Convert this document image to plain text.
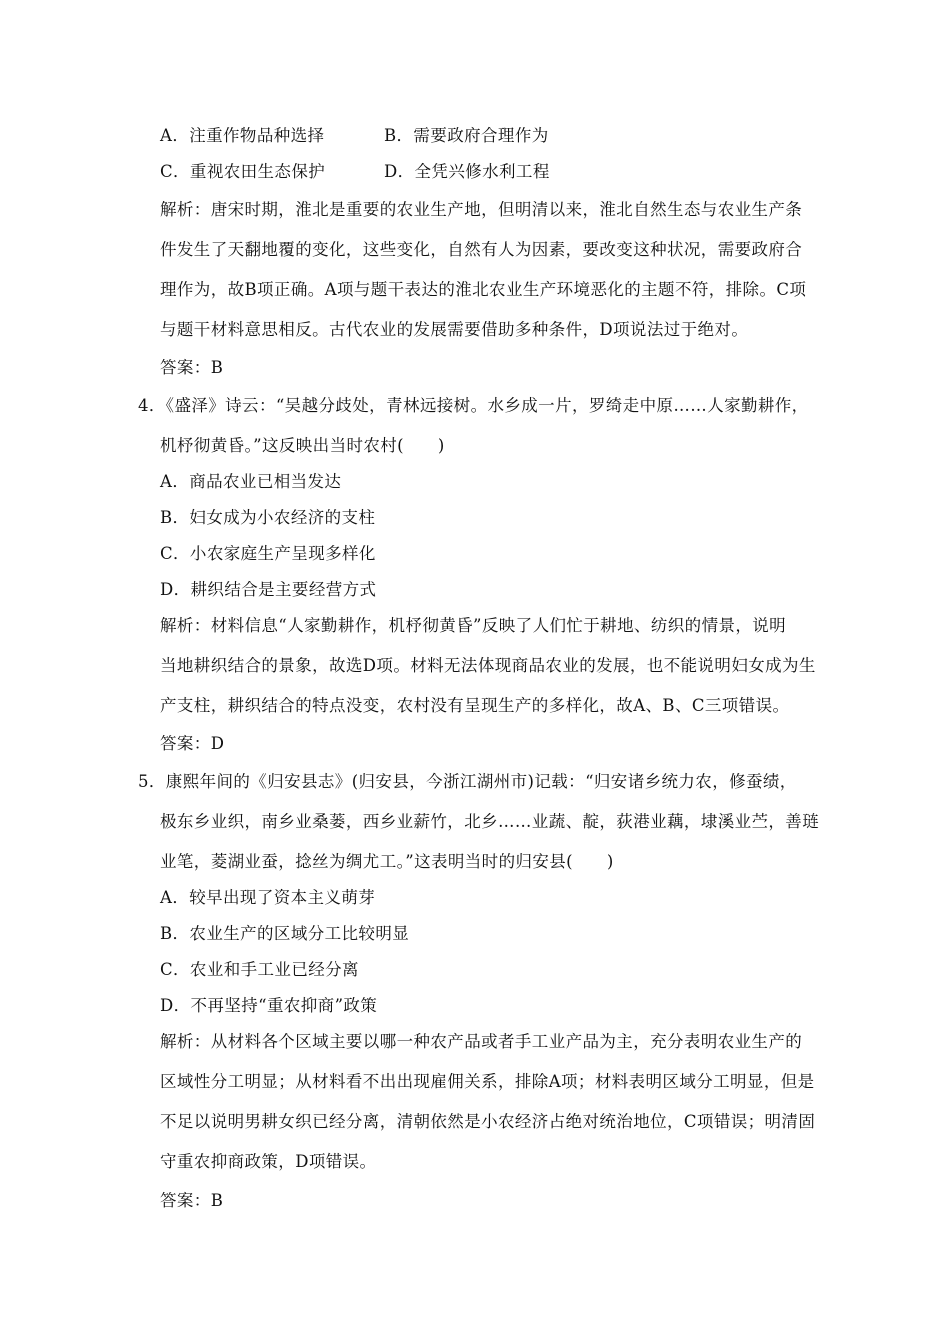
A．注重作物品种选择	B．需要政府合理作为
C．重视农田生态保护	D．全凭兴修水利工程
解析：唐宋时期，淮北是重要的农业生产地，但明清以来，淮北自然生态与农业生产条
件发生了天翻地覆的变化，这些变化，自然有人为因素，要改变这种状况，需要政府合
理作为，故B项正确。A项与题干表达的淮北农业生产环境恶化的主题不符，排除。C项
与题干材料意思相反。古代农业的发展需要借助多种条件，D项说法过于绝对。
答案：B
4．《盛泽》诗云：“吴越分歧处，青林远接树。水乡成一片，罗绮走中原……人家勤耕作，
机杼彻黄昏。”这反映出当时农村(　　)
A．商品农业已相当发达
B．妇女成为小农经济的支柱
C．小农家庭生产呈现多样化
D．耕织结合是主要经营方式
解析：材料信息“人家勤耕作，机杼彻黄昏”反映了人们忙于耕地、纺织的情景，说明
当地耕织结合的景象，故选D项。材料无法体现商品农业的发展，也不能说明妇女成为生
产支柱，耕织结合的特点没变，农村没有呈现生产的多样化，故A、B、C三项错误。
答案：D
5．康熙年间的《归安县志》(归安县，今浙江湖州市)记载：“归安诸乡统力农，修蚕绩，
极东乡业织，南乡业桑蒌，西乡业薪竹，北乡……业蔬、靛，荻港业藕，埭溪业苎，善琏
业笔，菱湖业蚕，捻丝为绸尤工。”这表明当时的归安县(　　)
A．较早出现了资本主义萌芽
B．农业生产的区域分工比较明显
C．农业和手工业已经分离
D．不再坚持“重农抑商”政策
解析：从材料各个区域主要以哪一种农产品或者手工业产品为主，充分表明农业生产的
区域性分工明显；从材料看不出出现雇佣关系，排除A项；材料表明区域分工明显，但是
不足以说明男耕女织已经分离，清朝依然是小农经济占绝对统治地位，C项错误；明清固
守重农抑商政策，D项错误。
答案：B
